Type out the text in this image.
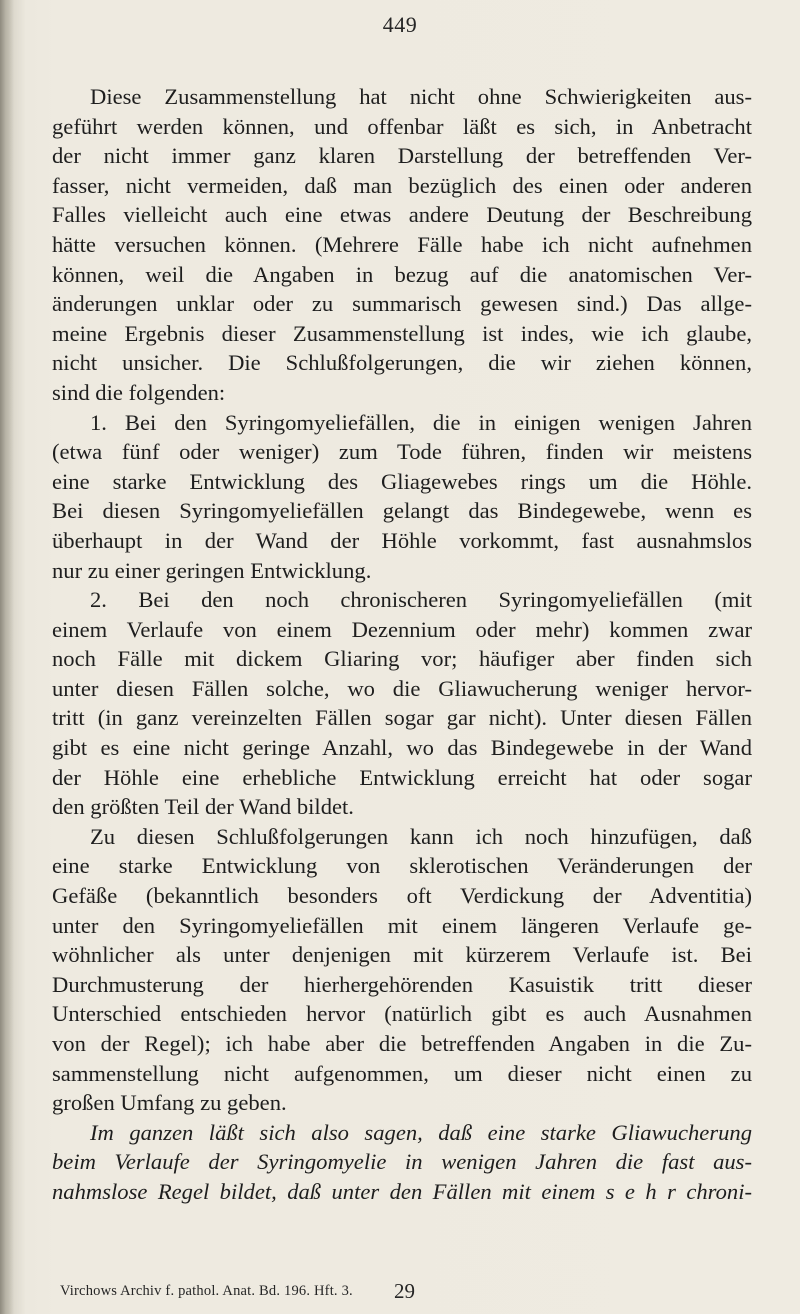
449
Diese Zusammenstellung hat nicht ohne Schwierigkeiten aus-
geführt werden können, und offenbar läßt es sich, in Anbetracht
der nicht immer ganz klaren Darstellung der betreffenden Ver-
fasser, nicht vermeiden, daß man bezüglich des einen oder anderen
Falles vielleicht auch eine etwas andere Deutung der Beschreibung
hätte versuchen können. (Mehrere Fälle habe ich nicht aufnehmen
können, weil die Angaben in bezug auf die anatomischen Ver-
änderungen unklar oder zu summarisch gewesen sind.) Das allge-
meine Ergebnis dieser Zusammenstellung ist indes, wie ich glaube,
nicht unsicher. Die Schlußfolgerungen, die wir ziehen können,
sind die folgenden:
1. Bei den Syringomyeliefällen, die in einigen wenigen Jahren
(etwa fünf oder weniger) zum Tode führen, finden wir meistens
eine starke Entwicklung des Gliagewebes rings um die Höhle.
Bei diesen Syringomyeliefällen gelangt das Bindegewebe, wenn es
überhaupt in der Wand der Höhle vorkommt, fast ausnahmslos
nur zu einer geringen Entwicklung.
2. Bei den noch chronischeren Syringomyeliefällen (mit
einem Verlaufe von einem Dezennium oder mehr) kommen zwar
noch Fälle mit dickem Gliaring vor; häufiger aber finden sich
unter diesen Fällen solche, wo die Gliawucherung weniger hervor-
tritt (in ganz vereinzelten Fällen sogar gar nicht). Unter diesen Fällen
gibt es eine nicht geringe Anzahl, wo das Bindegewebe in der Wand
der Höhle eine erhebliche Entwicklung erreicht hat oder sogar
den größten Teil der Wand bildet.
Zu diesen Schlußfolgerungen kann ich noch hinzufügen, daß
eine starke Entwicklung von sklerotischen Veränderungen der
Gefäße (bekanntlich besonders oft Verdickung der Adventitia)
unter den Syringomyeliefällen mit einem längeren Verlaufe ge-
wöhnlicher als unter denjenigen mit kürzerem Verlaufe ist. Bei
Durchmusterung der hierhergehörenden Kasuistik tritt dieser
Unterschied entschieden hervor (natürlich gibt es auch Ausnahmen
von der Regel); ich habe aber die betreffenden Angaben in die Zu-
sammenstellung nicht aufgenommen, um dieser nicht einen zu
großen Umfang zu geben.
Im ganzen läßt sich also sagen, daß eine starke Gliawucherung
beim Verlaufe der Syringomyelie in wenigen Jahren die fast aus-
nahmslose Regel bildet, daß unter den Fällen mit einem s e h r chroni-
Virchows Archiv f. pathol. Anat. Bd. 196. Hft. 3. 29
